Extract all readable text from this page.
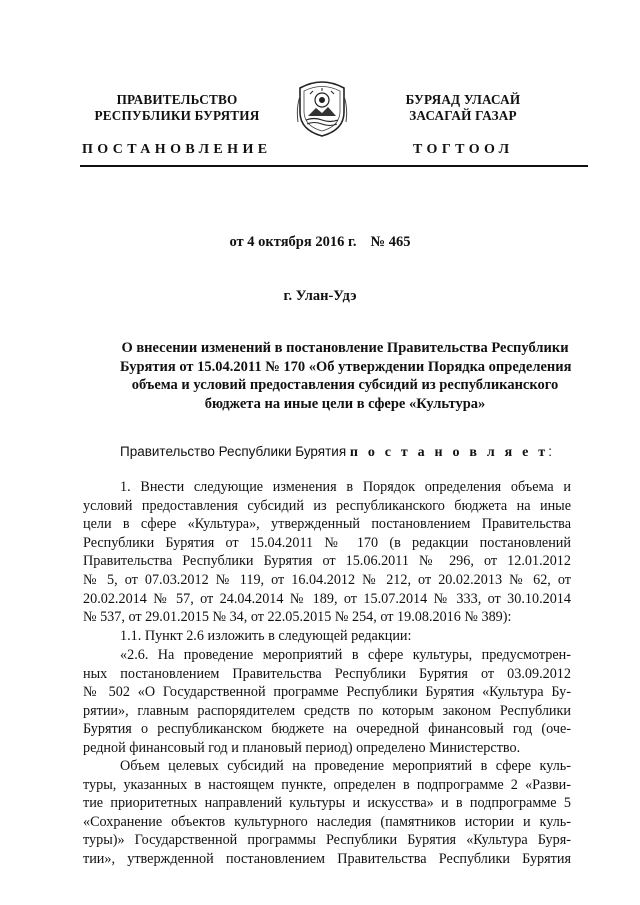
ПРАВИТЕЛЬСТВО
РЕСПУБЛИКИ БУРЯТИЯ
БУРЯАД УЛАСАЙ
ЗАСАГАЙ ГАЗАР
ПОСТАНОВЛЕНИЕ	ТОГТООЛ
от 4 октября 2016 г. № 465
г. Улан-Удэ
О внесении изменений в постановление Правительства Республики
Бурятия от 15.04.2011 № 170 «Об утверждении Порядка определения
объема и условий предоставления субсидий из республиканского
бюджета на иные цели в сфере «Культура»
Правительство Республики Бурятия п о с т а н о в л я е т:
1. Внести следующие изменения в Порядок определения объема и
условий предоставления субсидий из республиканского бюджета на иные
цели в сфере «Культура», утвержденный постановлением Правительства
Республики Бурятия от 15.04.2011 № 170 (в редакции постановлений
Правительства Республики Бурятия от 15.06.2011 № 296, от 12.01.2012
№ 5, от 07.03.2012 № 119, от 16.04.2012 № 212, от 20.02.2013 № 62, от
20.02.2014 № 57, от 24.04.2014 № 189, от 15.07.2014 № 333, от 30.10.2014
№ 537, от 29.01.2015 № 34, от 22.05.2015 № 254, от 19.08.2016 № 389):
1.1. Пункт 2.6 изложить в следующей редакции:
«2.6. На проведение мероприятий в сфере культуры, предусмотрен-
ных постановлением Правительства Республики Бурятия от 03.09.2012
№ 502 «О Государственной программе Республики Бурятия «Культура Бу-
рятии», главным распорядителем средств по которым законом Республики
Бурятия о республиканском бюджете на очередной финансовый год (оче-
редной финансовый год и плановый период) определено Министерство.
Объем целевых субсидий на проведение мероприятий в сфере куль-
туры, указанных в настоящем пункте, определен в подпрограмме 2 «Разви-
тие приоритетных направлений культуры и искусства» и в подпрограмме 5
«Сохранение объектов культурного наследия (памятников истории и куль-
туры)» Государственной программы Республики Бурятия «Культура Буря-
тии», утвержденной постановлением Правительства Республики Бурятия
